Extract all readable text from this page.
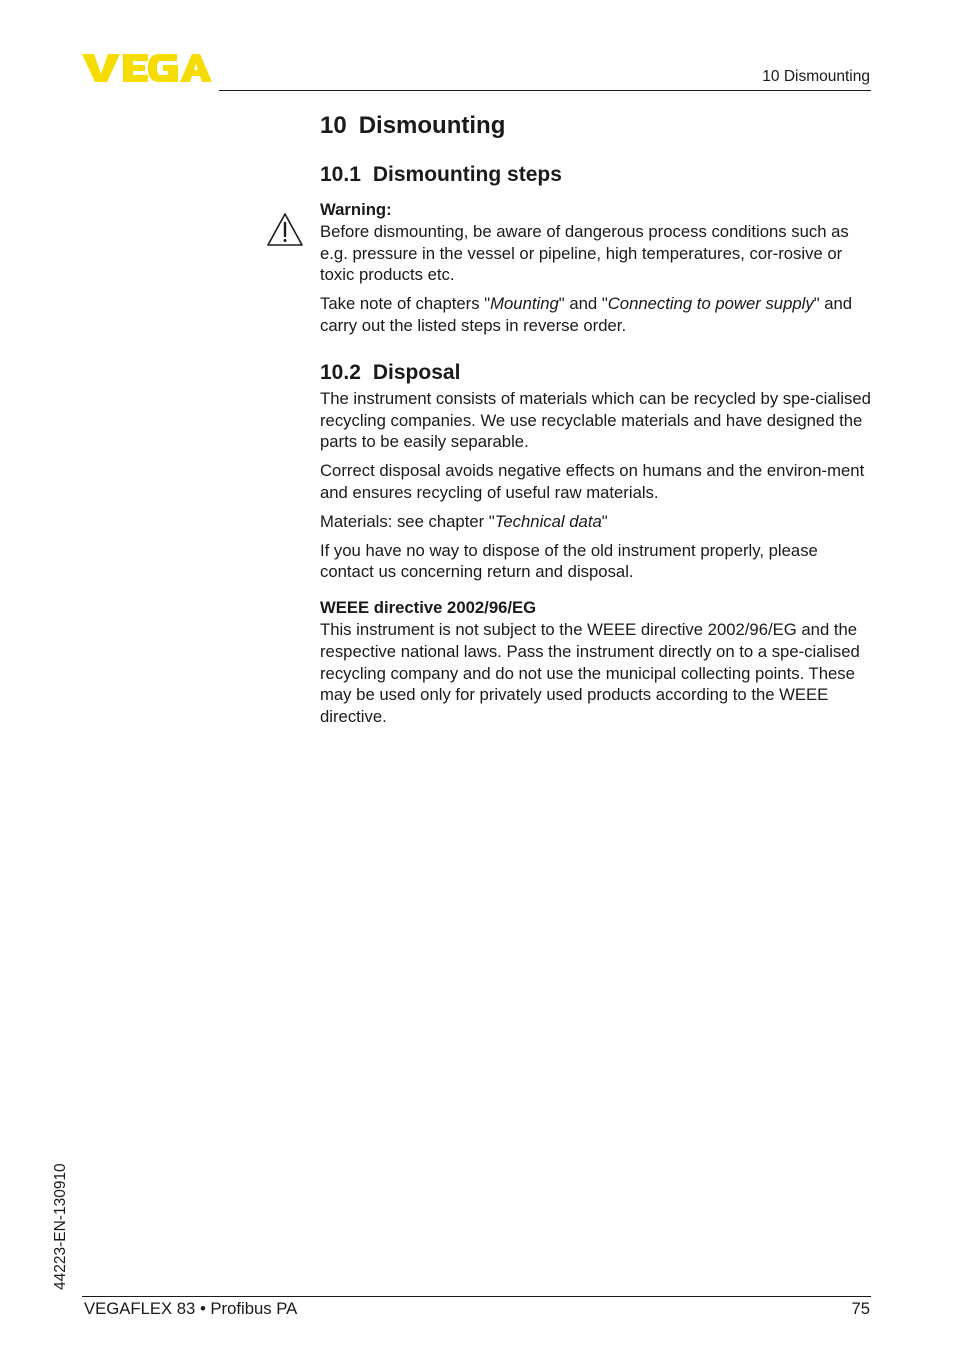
10 Dismounting
10 Dismounting
10.1 Dismounting steps

Warning:

Before dismounting, be aware of dangerous process conditions such as e.g. pressure in the vessel or pipeline, high temperatures, cor-rosive or toxic products etc.

Take note of chapters "Mounting" and "Connecting to power supply" and carry out the listed steps in reverse order.

10.2 Disposal

The instrument consists of materials which can be recycled by spe-cialised recycling companies. We use recyclable materials and have designed the parts to be easily separable.

Correct disposal avoids negative effects on humans and the environ-ment and ensures recycling of useful raw materials.

Materials: see chapter "Technical data"

If you have no way to dispose of the old instrument properly, please contact us concerning return and disposal.

WEEE directive 2002/96/EG

This instrument is not subject to the WEEE directive 2002/96/EG and the respective national laws. Pass the instrument directly on to a spe-cialised recycling company and do not use the municipal collecting points. These may be used only for privately used products according to the WEEE directive.

44223-EN-130910
VEGAFLEX 83 • Profibus PA	75
